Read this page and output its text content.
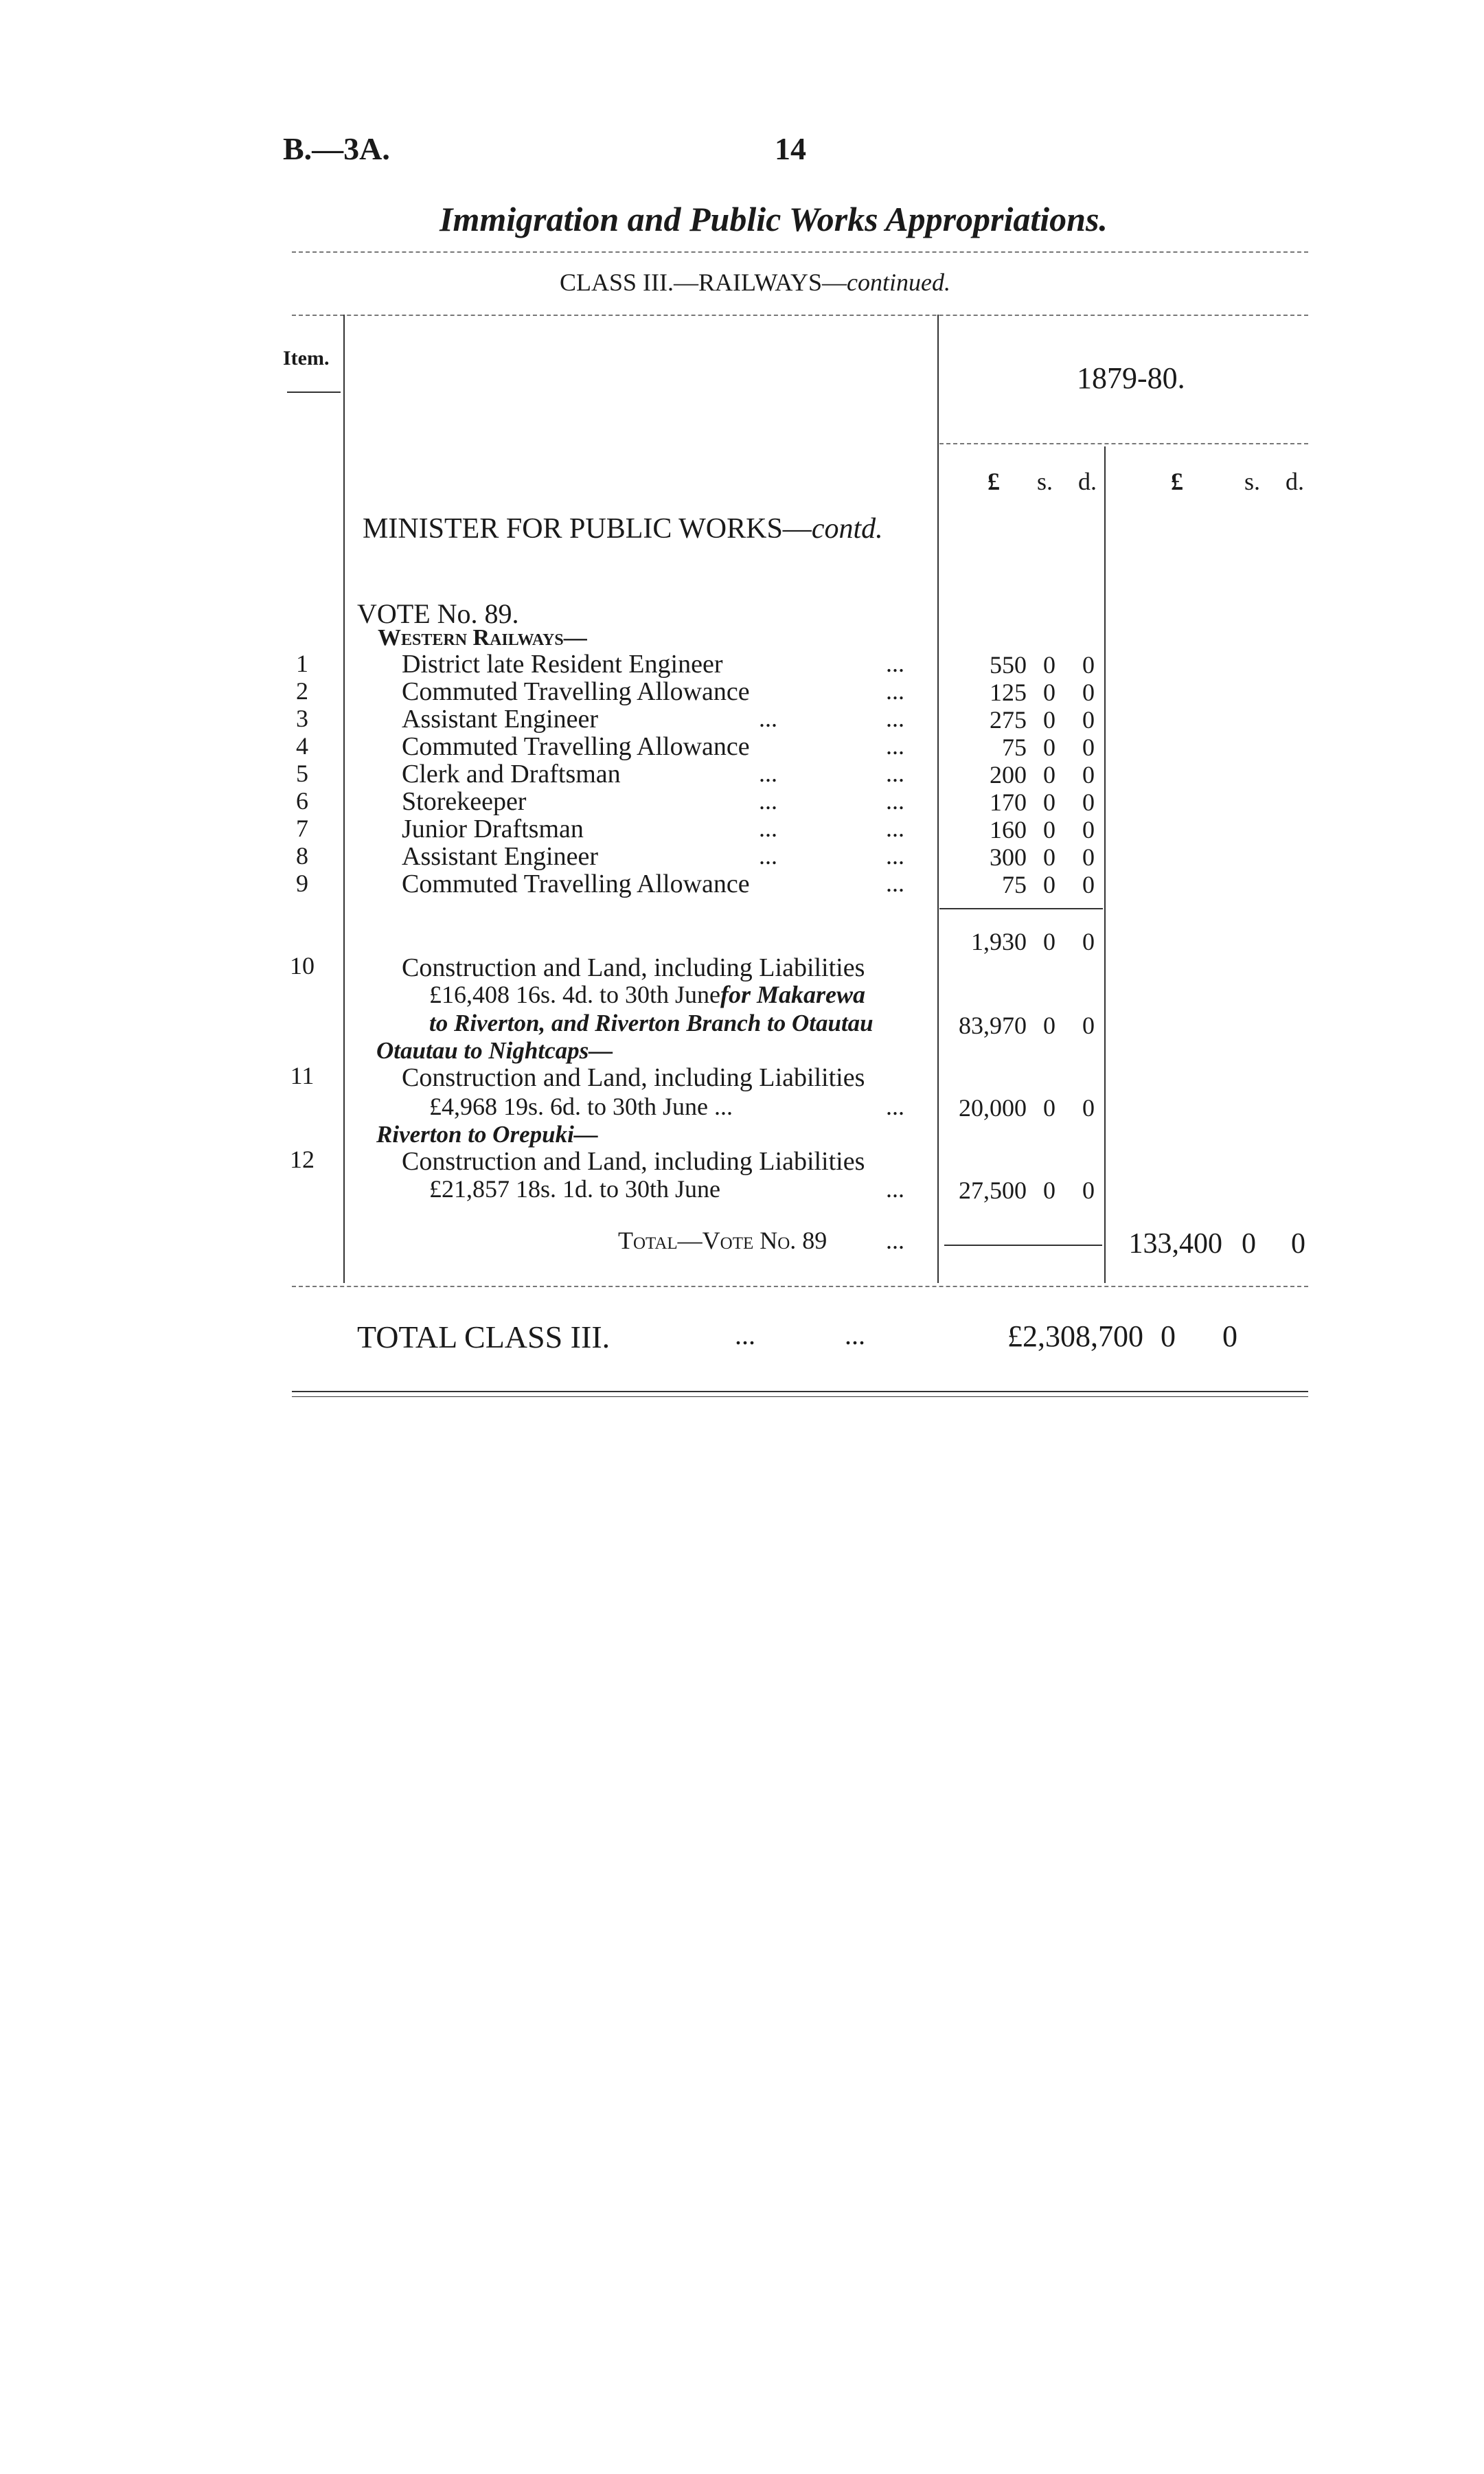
B.—3A.	14
Immigration and Public Works Appropriations.
CLASS III.—RAILWAYS—continued.
Item.
1879-80.
£ s. d.	£ s. d.
MINISTER FOR PUBLIC WORKS—contd.
VOTE No. 89.
Western Railways—
1	District late Resident Engineer	...	550 0	0
2	Commuted Travelling Allowance	...	125 0	0
3	Assistant Engineer	...	...	275 0	0
4	Commuted Travelling Allowance	...	75 0	0
5	Clerk and Draftsman	...	...	200 0	0
6	Storekeeper	...	...	170 0	0
7	Junior Draftsman	...	...	160 0	0
8	Assistant Engineer	...	...	300 0	0
9	Commuted Travelling Allowance	...	75 0	0
1,930 0	0
10	Construction and Land, including Liabilities
£16,408 16s. 4d. to 30th Junefor Makarewa
to Riverton, and Riverton Branch to Otautau	83,970 0	0
Otautau to Nightcaps—
11	Construction and Land, including Liabilities
£4,968 19s. 6d. to 30th June ...	...	20,000 0	0
Riverton to Orepuki—
12	Construction and Land, including Liabilities
£21,857 18s. 1d. to 30th June	...	27,500 0	0
Total—Vote No. 89 ...	133,400 0 0
TOTAL CLASS III.	...	...	£2,308,700 0 0
